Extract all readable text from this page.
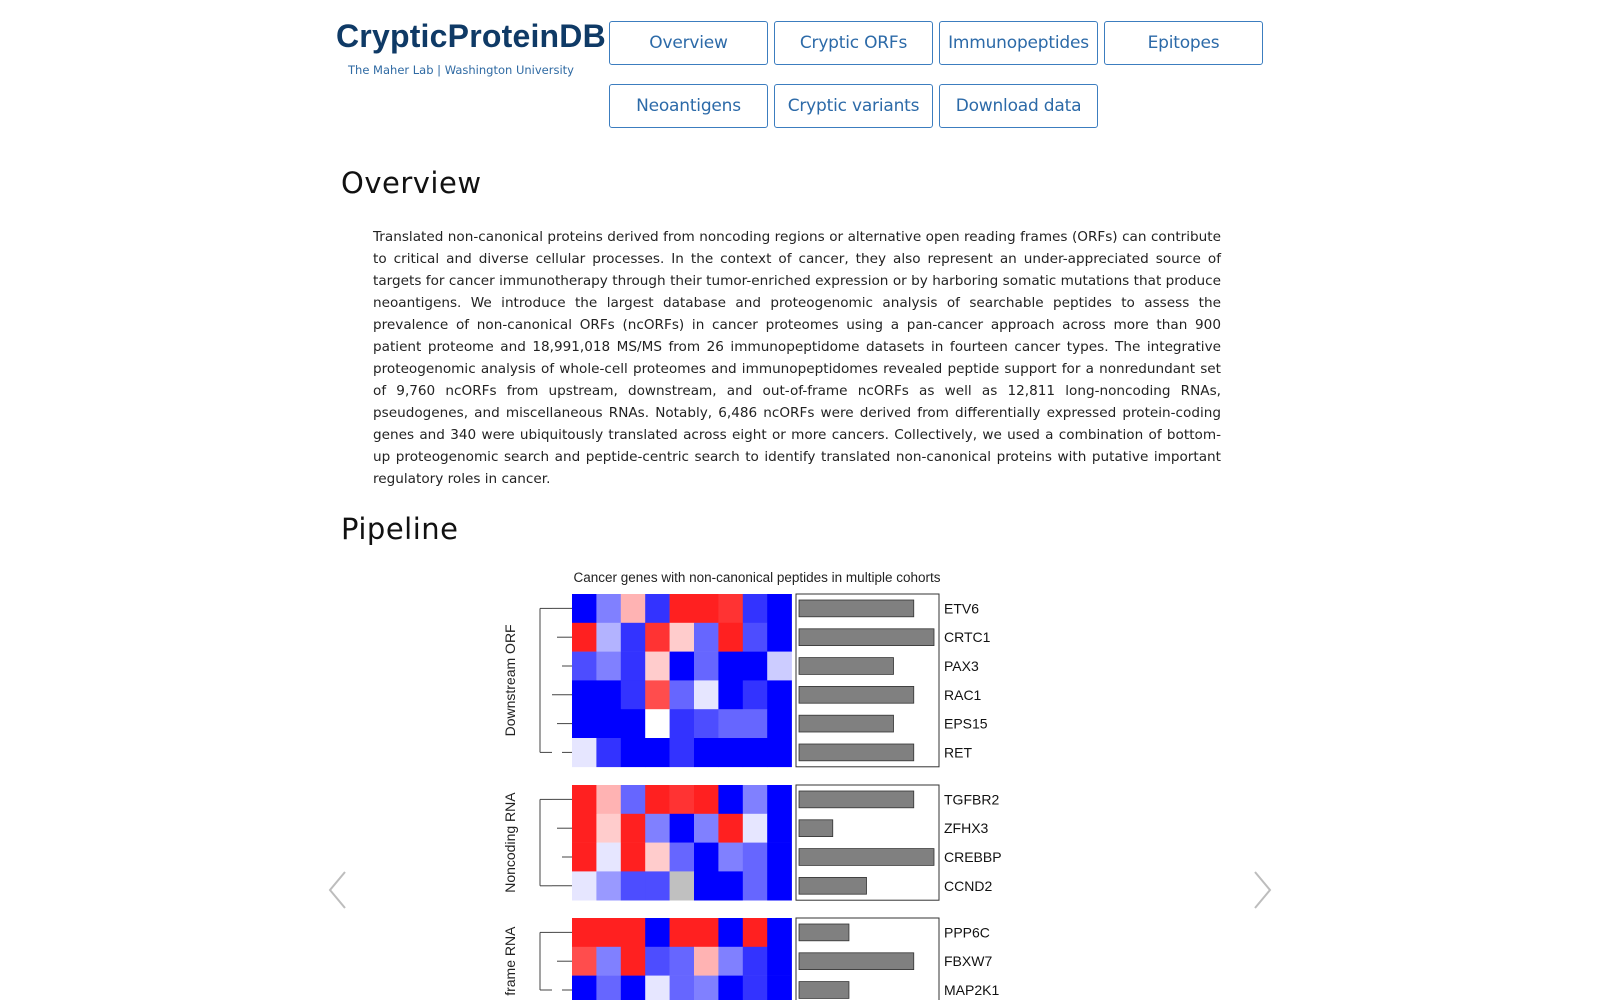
CrypticProteinDB
The Maher Lab | Washington University
Overview	Cryptic ORFs	Immunopeptides	Epitopes
Neoantigens	Cryptic variants	Download data
Overview

Translated non-canonical proteins derived from noncoding regions or alternative open reading frames (ORFs) can contribute to critical and diverse cellular processes. In the context of cancer, they also represent an under-appreciated source of targets for cancer immunotherapy through their tumor-enriched expression or by harboring somatic mutations that produce neoantigens. We introduce the largest database and proteogenomic analysis of searchable peptides to assess the prevalence of non-canonical ORFs (ncORFs) in cancer proteomes using a pan-cancer approach across more than 900 patient proteome and 18,991,018 MS/MS from 26 immunopeptidome datasets in fourteen cancer types. The integrative proteogenomic analysis of whole-cell proteomes and immunopeptidomes revealed peptide support for a nonredundant set of 9,760 ncORFs from upstream, downstream, and out-of-frame ncORFs as well as 12,811 long-noncoding RNAs, pseudogenes, and miscellaneous RNAs. Notably, 6,486 ncORFs were derived from differentially expressed protein-coding genes and 340 were ubiquitously translated across eight or more cancers. Collectively, we used a combination of bottom-up proteogenomic search and peptide-centric search to identify translated non-canonical proteins with putative important regulatory roles in cancer.

Pipeline
Cancer genes with non-canonical peptides in multiple cohorts
Downstream ORF
ETV6
CRTC1
PAX3
RAC1
EPS15
RET
Noncoding RNA	TGFBR2
ZFHX3
CREBBP
CCND2
frame RNA	PPP6C
FBXW7
MAP2K1
